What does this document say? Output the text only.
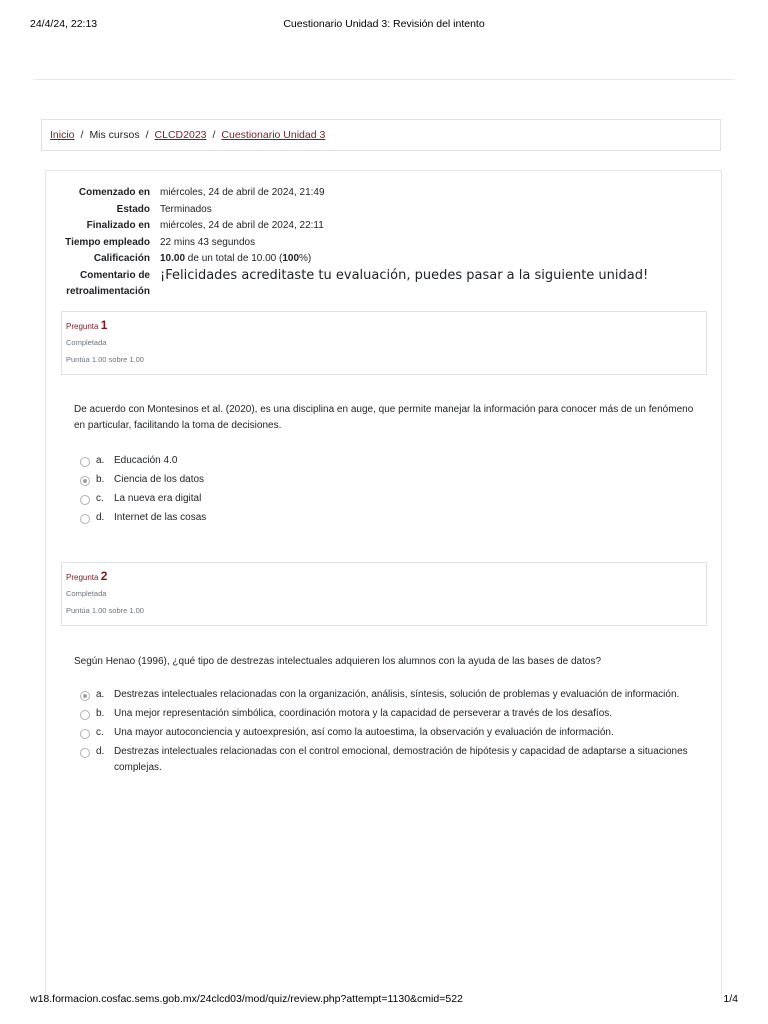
24/4/24, 22:13	Cuestionario Unidad 3: Revisión del intento
Inicio / Mis cursos / CLCD2023 / Cuestionario Unidad 3
Comenzado en	miércoles, 24 de abril de 2024, 21:49
Estado	Terminados
Finalizado en	miércoles, 24 de abril de 2024, 22:11
Tiempo empleado	22 mins 43 segundos
Calificación	10.00 de un total de 10.00 (100%)
Comentario de retroalimentación
¡Felicidades acreditaste tu evaluación, puedes pasar a la siguiente unidad!
Pregunta 1
Completada
Puntúa 1.00 sobre 1.00
De acuerdo con Montesinos et al. (2020), es una disciplina en auge, que permite manejar la información para conocer más de un fenómeno en particular, facilitando la toma de decisiones.
a. Educación 4.0
b. Ciencia de los datos
c.	La nueva era digital
d. Internet de las cosas
Pregunta 2
Completada
Puntúa 1.00 sobre 1.00
Según Henao (1996), ¿qué tipo de destrezas intelectuales adquieren los alumnos con la ayuda de las bases de datos?
a. Destrezas intelectuales relacionadas con la organización, análisis, síntesis, solución de problemas y evaluación de información.
b. Una mejor representación simbólica, coordinación motora y la capacidad de perseverar a través de los desafíos.
c.	Una mayor autoconciencia y autoexpresión, así como la autoestima, la observación y evaluación de información.
d. Destrezas intelectuales relacionadas con el control emocional, demostración de hipótesis y capacidad de adaptarse a situaciones complejas.
w18.formacion.cosfac.sems.gob.mx/24clcd03/mod/quiz/review.php?attempt=1130&cmid=522	1/4
